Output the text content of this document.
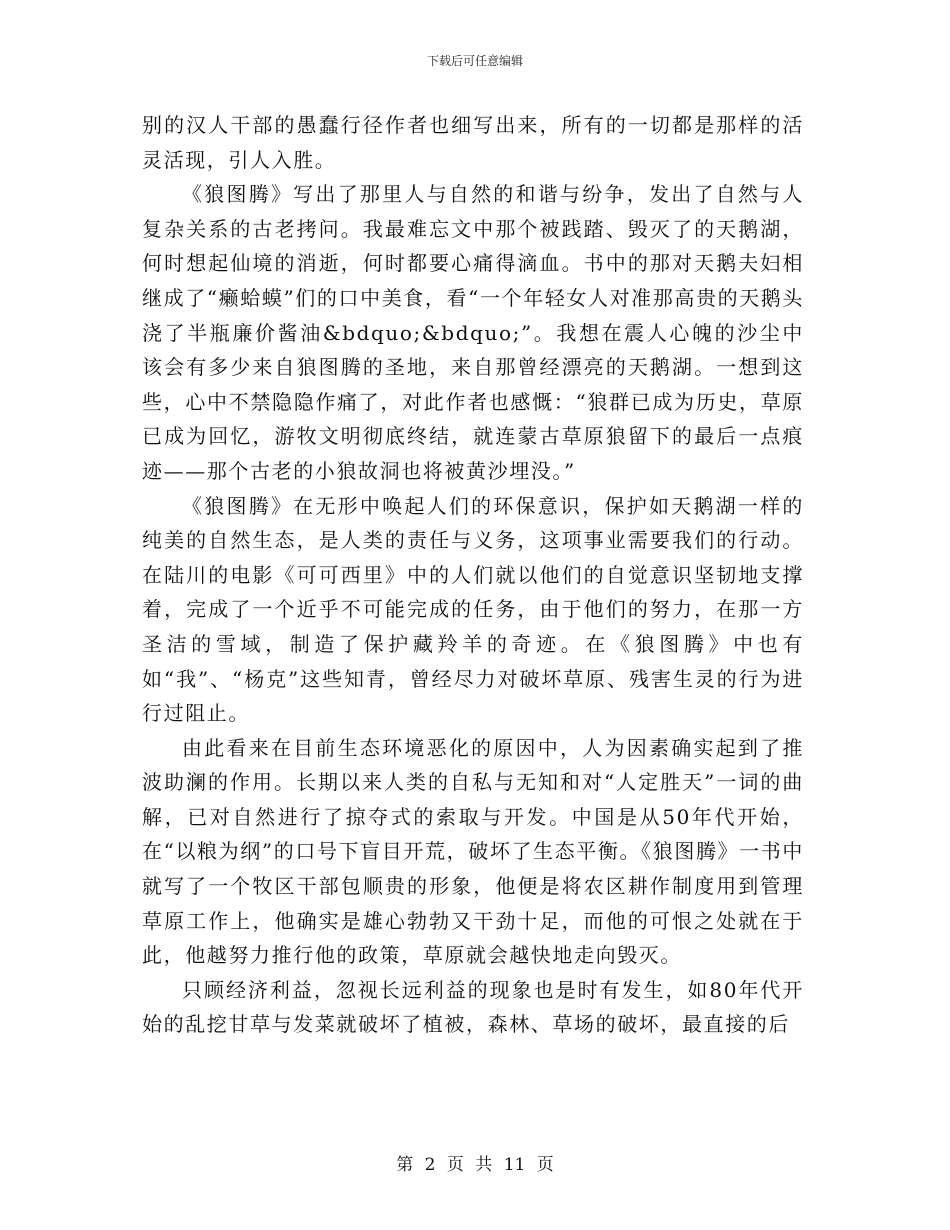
下载后可任意编辑

别的汉人干部的愚蠢行径作者也细写出来，所有的一切都是那样的活灵活现，引人入胜。

《狼图腾》写出了那里人与自然的和谐与纷争，发出了自然与人复杂关系的古老拷问。我最难忘文中那个被践踏、毁灭了的天鹅湖，何时想起仙境的消逝，何时都要心痛得滴血。书中的那对天鹅夫妇相继成了“癞蛤蟆”们的口中美食，看“一个年轻女人对准那高贵的天鹅头浇了半瓶廉价酱油&bdquo;&bdquo;”。我想在震人心魄的沙尘中该会有多少来自狼图腾的圣地，来自那曾经漂亮的天鹅湖。一想到这些，心中不禁隐隐作痛了，对此作者也感慨：“狼群已成为历史，草原已成为回忆，游牧文明彻底终结，就连蒙古草原狼留下的最后一点痕迹——那个古老的小狼故洞也将被黄沙埋没。”

《狼图腾》在无形中唤起人们的环保意识，保护如天鹅湖一样的纯美的自然生态，是人类的责任与义务，这项事业需要我们的行动。在陆川的电影《可可西里》中的人们就以他们的自觉意识坚韧地支撑着，完成了一个近乎不可能完成的任务，由于他们的努力，在那一方圣洁的雪域，制造了保护藏羚羊的奇迹。在《狼图腾》中也有如“我”、“杨克”这些知青，曾经尽力对破坏草原、残害生灵的行为进行过阻止。

由此看来在目前生态环境恶化的原因中，人为因素确实起到了推波助澜的作用。长期以来人类的自私与无知和对“人定胜天”一词的曲解，已对自然进行了掠夺式的索取与开发。中国是从50年代开始，在“以粮为纲”的口号下盲目开荒，破坏了生态平衡。《狼图腾》一书中就写了一个牧区干部包顺贵的形象，他便是将农区耕作制度用到管理草原工作上，他确实是雄心勃勃又干劲十足，而他的可恨之处就在于此，他越努力推行他的政策，草原就会越快地走向毁灭。

只顾经济利益，忽视长远利益的现象也是时有发生，如80年代开始的乱挖甘草与发菜就破坏了植被，森林、草场的破坏，最直接的后

第 2 页 共 11 页
